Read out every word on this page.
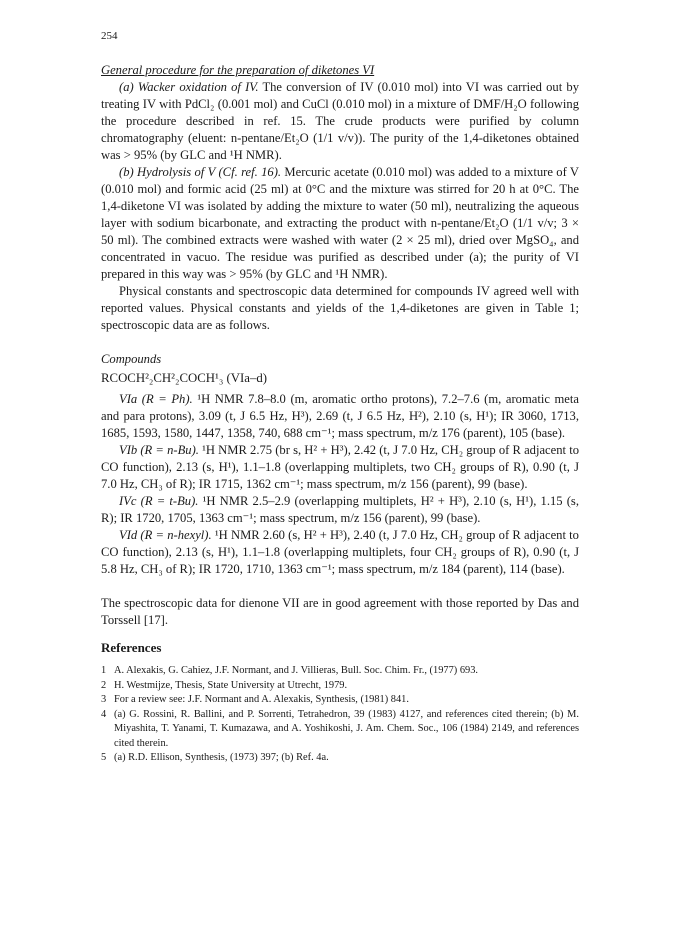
254

General procedure for the preparation of diketones VI

(a) Wacker oxidation of IV. The conversion of IV (0.010 mol) into VI was carried out by treating IV with PdCl₂ (0.001 mol) and CuCl (0.010 mol) in a mixture of DMF/H₂O following the procedure described in ref. 15. The crude products were purified by column chromatography (eluent: n-pentane/Et₂O (1/1 v/v)). The purity of the 1,4-diketones obtained was > 95% (by GLC and ¹H NMR).

(b) Hydrolysis of V (Cf. ref. 16). Mercuric acetate (0.010 mol) was added to a mixture of V (0.010 mol) and formic acid (25 ml) at 0°C and the mixture was stirred for 20 h at 0°C. The 1,4-diketone VI was isolated by adding the mixture to water (50 ml), neutralizing the aqueous layer with sodium bicarbonate, and extracting the product with n-pentane/Et₂O (1/1 v/v; 3 × 50 ml). The combined extracts were washed with water (2 × 25 ml), dried over MgSO₄, and concentrated in vacuo. The residue was purified as described under (a); the purity of VI prepared in this way was > 95% (by GLC and ¹H NMR).

Physical constants and spectroscopic data determined for compounds IV agreed well with reported values. Physical constants and yields of the 1,4-diketones are given in Table 1; spectroscopic data are as follows.

Compounds

RCOCH²₂CH²₂COCH¹₃ (VIa–d)

VIa (R = Ph). ¹H NMR 7.8–8.0 (m, aromatic ortho protons), 7.2–7.6 (m, aromatic meta and para protons), 3.09 (t, J 6.5 Hz, H³), 2.69 (t, J 6.5 Hz, H²), 2.10 (s, H¹); IR 3060, 1713, 1685, 1593, 1580, 1447, 1358, 740, 688 cm⁻¹; mass spectrum, m/z 176 (parent), 105 (base).

VIb (R = n-Bu). ¹H NMR 2.75 (br s, H² + H³), 2.42 (t, J 7.0 Hz, CH₂ group of R adjacent to CO function), 2.13 (s, H¹), 1.1–1.8 (overlapping multiplets, two CH₂ groups of R), 0.90 (t, J 7.0 Hz, CH₃ of R); IR 1715, 1362 cm⁻¹; mass spectrum, m/z 156 (parent), 99 (base).

IVc (R = t-Bu). ¹H NMR 2.5–2.9 (overlapping multiplets, H² + H³), 2.10 (s, H¹), 1.15 (s, R); IR 1720, 1705, 1363 cm⁻¹; mass spectrum, m/z 156 (parent), 99 (base).

VId (R = n-hexyl). ¹H NMR 2.60 (s, H² + H³), 2.40 (t, J 7.0 Hz, CH₂ group of R adjacent to CO function), 2.13 (s, H¹), 1.1–1.8 (overlapping multiplets, four CH₂ groups of R), 0.90 (t, J 5.8 Hz, CH₃ of R); IR 1720, 1710, 1363 cm⁻¹; mass spectrum, m/z 184 (parent), 114 (base).

The spectroscopic data for dienone VII are in good agreement with those reported by Das and Torssell [17].

References

1 A. Alexakis, G. Cahiez, J.F. Normant, and J. Villieras, Bull. Soc. Chim. Fr., (1977) 693.
2 H. Westmijze, Thesis, State University at Utrecht, 1979.
3 For a review see: J.F. Normant and A. Alexakis, Synthesis, (1981) 841.
4 (a) G. Rossini, R. Ballini, and P. Sorrenti, Tetrahedron, 39 (1983) 4127, and references cited therein; (b) M. Miyashita, T. Yanami, T. Kumazawa, and A. Yoshikoshi, J. Am. Chem. Soc., 106 (1984) 2149, and references cited therein.
5 (a) R.D. Ellison, Synthesis, (1973) 397; (b) Ref. 4a.
